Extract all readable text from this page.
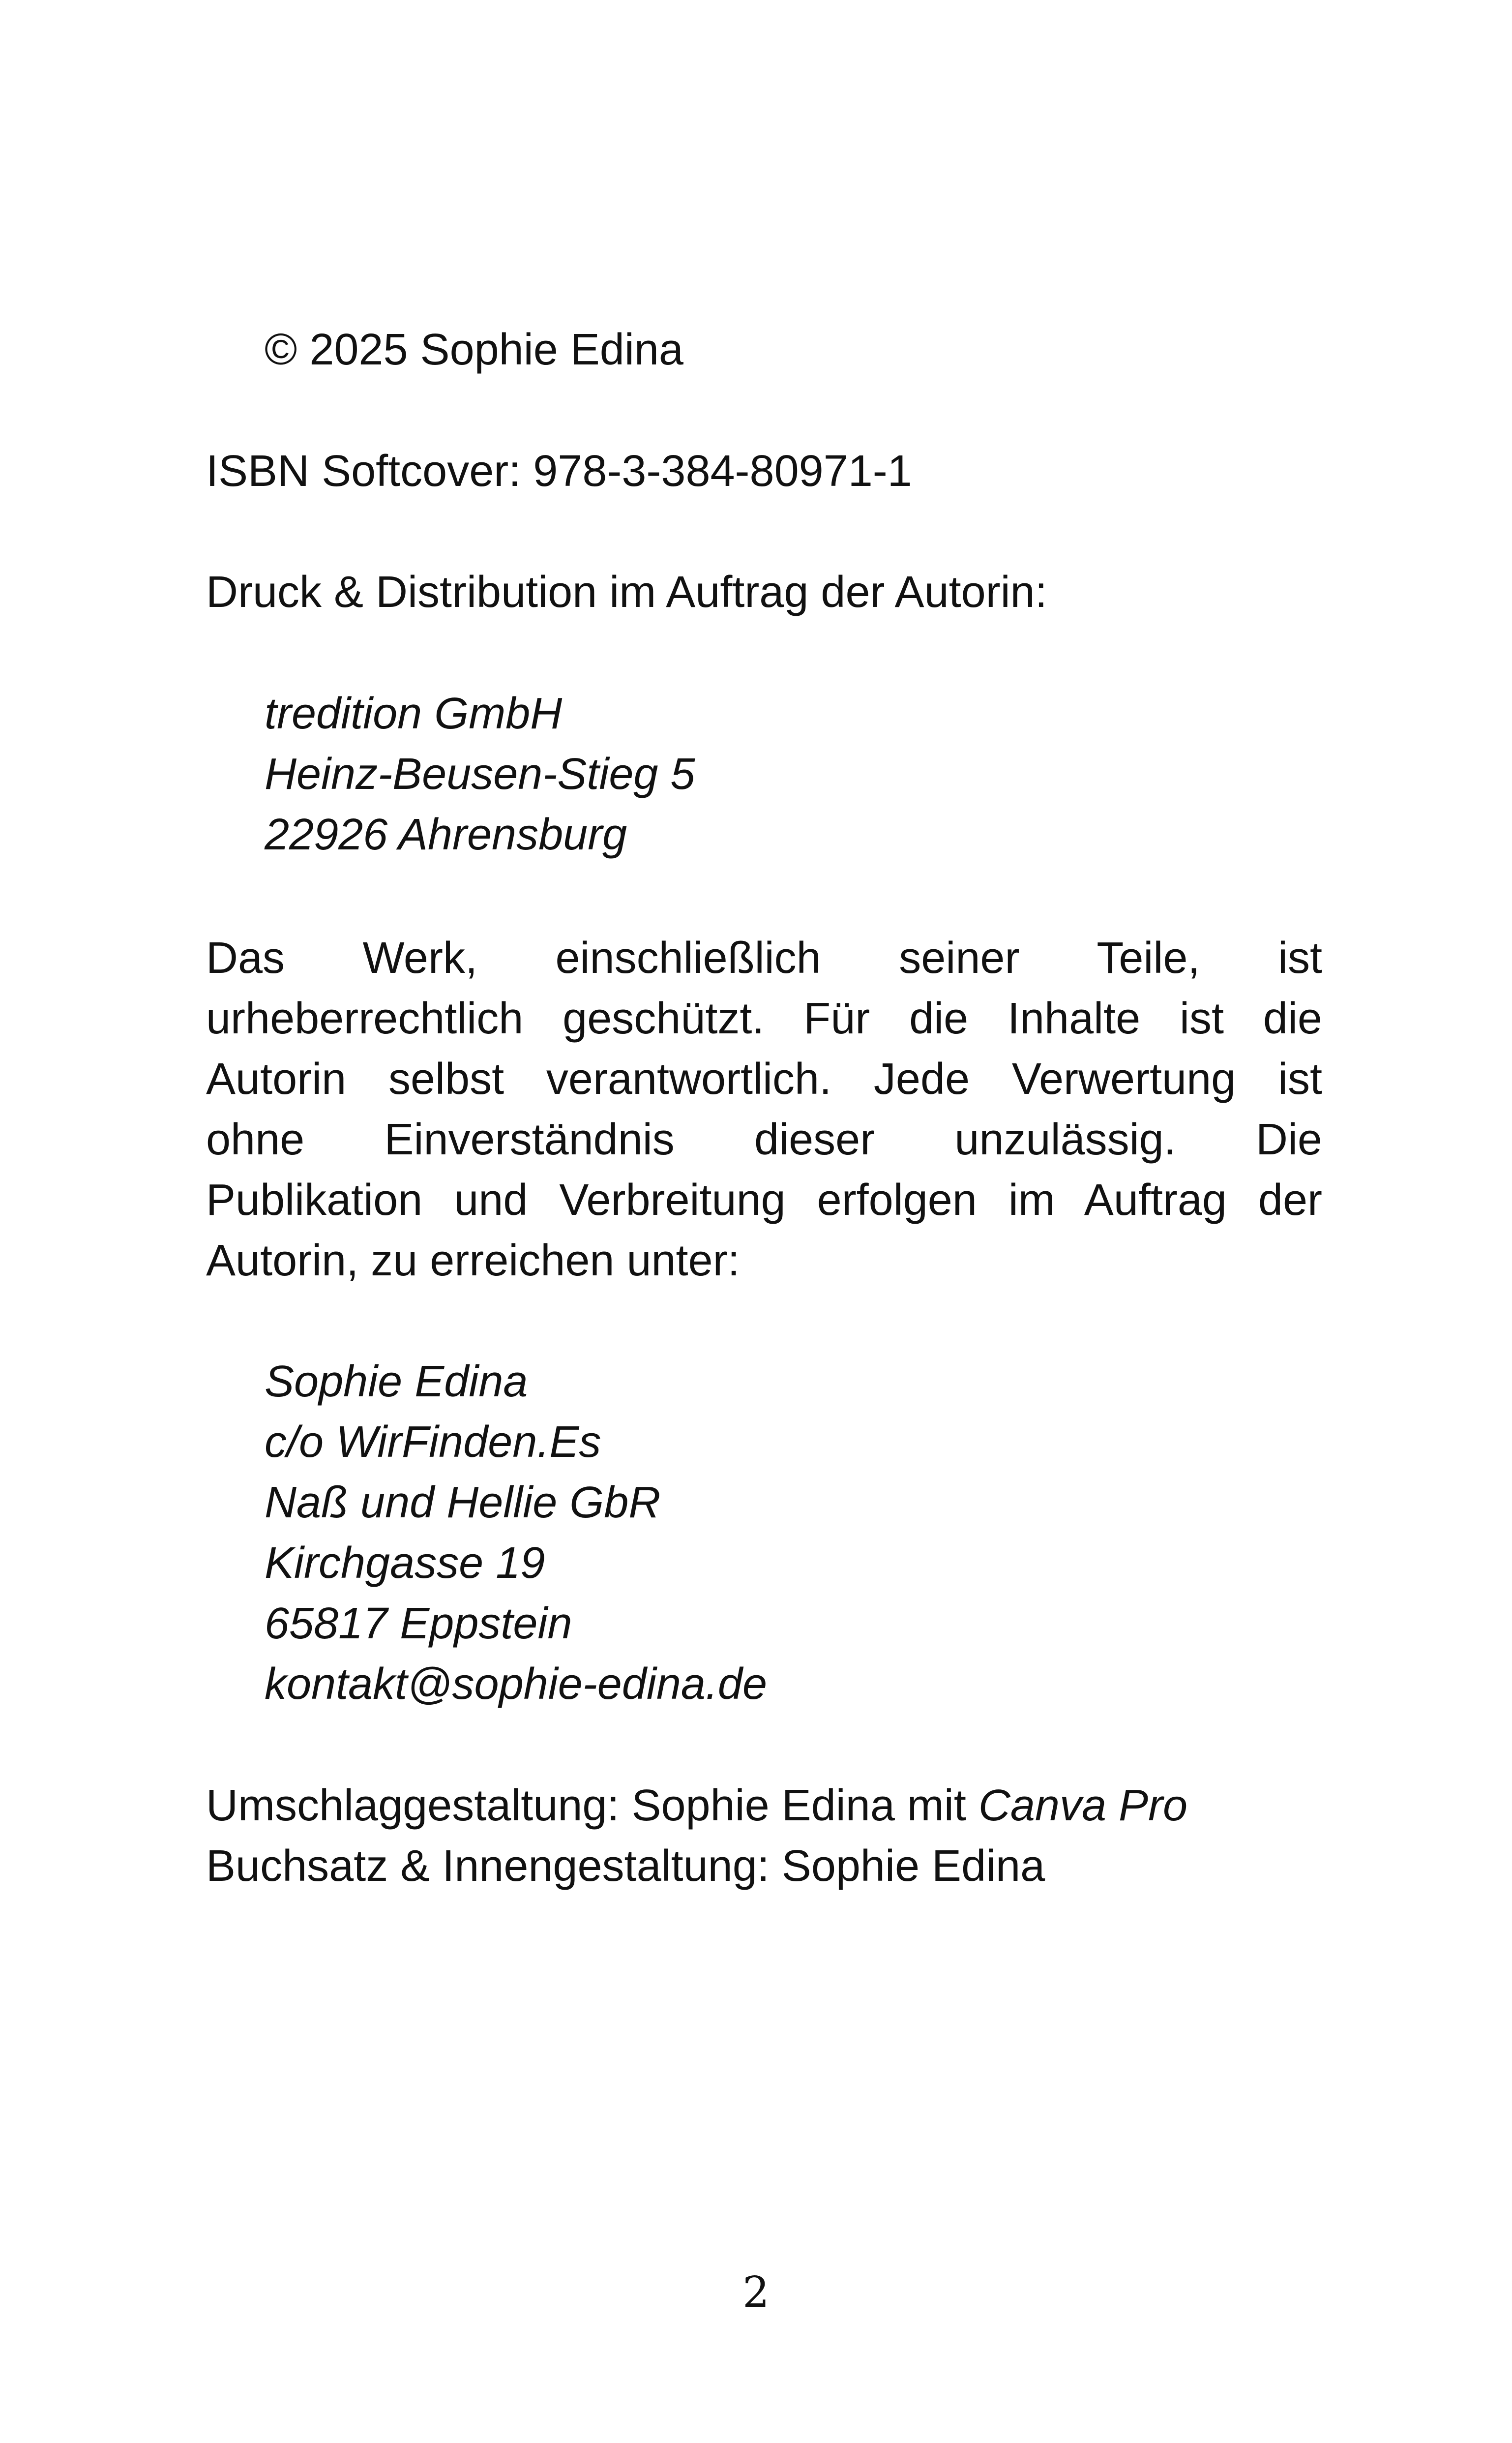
© 2025 Sophie Edina
ISBN Softcover: 978-3-384-80971-1
Druck & Distribution im Auftrag der Autorin:
tredition GmbH
Heinz-Beusen-Stieg 5
22926 Ahrensburg
Das Werk, einschließlich seiner Teile, ist
urheberrechtlich geschützt. Für die Inhalte ist die
Autorin selbst verantwortlich. Jede Verwertung ist
ohne Einverständnis dieser unzulässig. Die
Publikation und Verbreitung erfolgen im Auftrag der
Autorin, zu erreichen unter:
Sophie Edina
c/o WirFinden.Es
Naß und Hellie GbR
Kirchgasse 19
65817 Eppstein
kontakt@sophie-edina.de
Umschlaggestaltung: Sophie Edina mit Canva Pro
Buchsatz & Innengestaltung: Sophie Edina
2
